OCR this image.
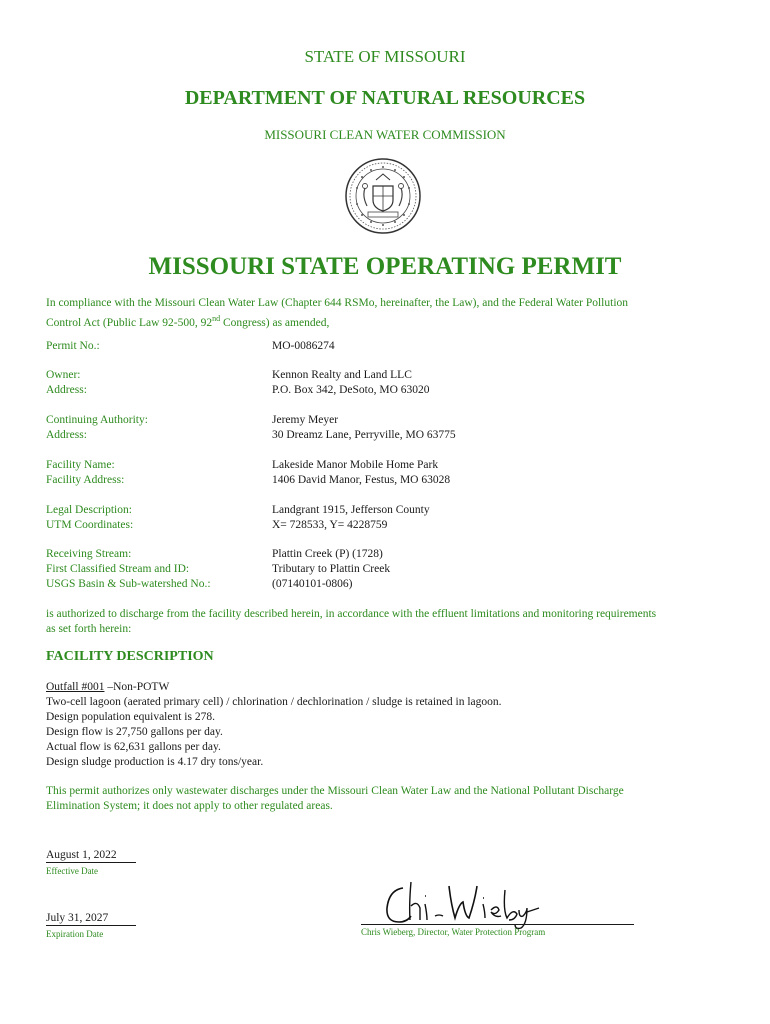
STATE OF MISSOURI
DEPARTMENT OF NATURAL RESOURCES
MISSOURI CLEAN WATER COMMISSION
MISSOURI STATE OPERATING PERMIT
In compliance with the Missouri Clean Water Law (Chapter 644 RSMo, hereinafter, the Law), and the Federal Water Pollution
Control Act (Public Law 92-500, 92nd Congress) as amended,
Permit No.:	MO-0086274
Owner:	Kennon Realty and Land LLC
Address:	P.O. Box 342, DeSoto, MO 63020
Continuing Authority:	Jeremy Meyer
Address:	30 Dreamz Lane, Perryville, MO 63775
Facility Name:	Lakeside Manor Mobile Home Park
Facility Address:	1406 David Manor, Festus, MO 63028
Legal Description:	Landgrant 1915, Jefferson County
UTM Coordinates:	X= 728533, Y= 4228759
Receiving Stream:	Plattin Creek (P) (1728)
First Classified Stream and ID:	Tributary to Plattin Creek
USGS Basin & Sub-watershed No.:	(07140101-0806)
is authorized to discharge from the facility described herein, in accordance with the effluent limitations and monitoring requirements
as set forth herein:
FACILITY DESCRIPTION
Outfall #001 –Non-POTW
Two-cell lagoon (aerated primary cell) / chlorination / dechlorination / sludge is retained in lagoon.
Design population equivalent is 278.
Design flow is 27,750 gallons per day.
Actual flow is 62,631 gallons per day.
Design sludge production is 4.17 dry tons/year.
This permit authorizes only wastewater discharges under the Missouri Clean Water Law and the National Pollutant Discharge
Elimination System; it does not apply to other regulated areas.
August 1, 2022
Effective Date
July 31, 2027
Expiration Date	Chris Wieberg, Director, Water Protection Program
